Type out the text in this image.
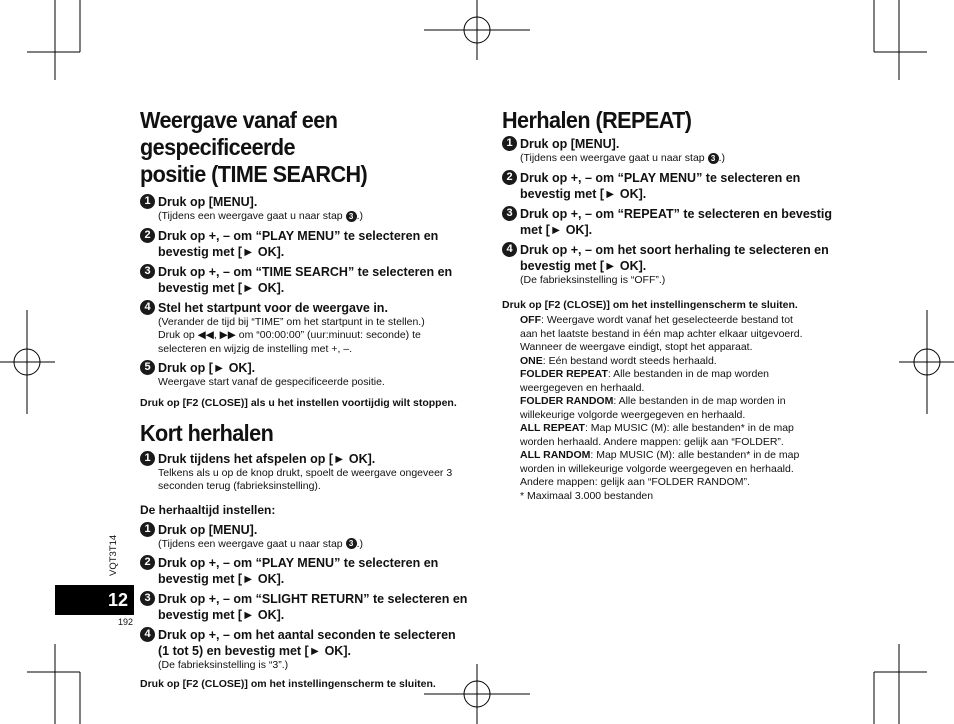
Weergave vanaf een gespecificeerde
positie (TIME SEARCH)
1 Druk op [MENU].
(Tijdens een weergave gaat u naar stap 3 .)
2 Druk op +, – om “PLAY MENU” te selecteren en
bevestig met [► OK].
3 Druk op +, – om “TIME SEARCH” te selecteren en
bevestig met [► OK].
4 Stel het startpunt voor de weergave in.
(Verander de tijd bij “TIME” om het startpunt in te stellen.)
Druk op ◀◀, ▶▶ om “00:00:00” (uur:minuut: seconde) te
selecteren en wijzig de instelling met +, –.
5 Druk op [► OK].
Weergave start vanaf de gespecificeerde positie.
Druk op [F2 (CLOSE)] als u het instellen voortijdig wilt stoppen.
Kort herhalen
1 Druk tijdens het afspelen op [► OK].
Telkens als u op de knop drukt, spoelt de weergave ongeveer 3
seconden terug (fabrieksinstelling).
De herhaaltijd instellen:
1 Druk op [MENU].
(Tijdens een weergave gaat u naar stap 3 .)
2 Druk op +, – om “PLAY MENU” te selecteren en
bevestig met [► OK].
3 Druk op +, – om “SLIGHT RETURN” te selecteren en
bevestig met [► OK].
4 Druk op +, – om het aantal seconden te selecteren
(1 tot 5) en bevestig met [► OK].
(De fabrieksinstelling is “3”.)
Druk op [F2 (CLOSE)] om het instellingenscherm te sluiten.
Herhalen (REPEAT)
1 Druk op [MENU].
(Tijdens een weergave gaat u naar stap 3 .)
2 Druk op +, – om “PLAY MENU” te selecteren en
bevestig met [► OK].
3 Druk op +, – om “REPEAT” te selecteren en bevestig
met [► OK].
4 Druk op +, – om het soort herhaling te selecteren en
bevestig met [► OK].
(De fabrieksinstelling is “OFF”.)
Druk op [F2 (CLOSE)] om het instellingenscherm te sluiten.
OFF: Weergave wordt vanaf het geselecteerde bestand tot
aan het laatste bestand in één map achter elkaar uitgevoerd.
Wanneer de weergave eindigt, stopt het apparaat.
ONE: Eén bestand wordt steeds herhaald.
FOLDER REPEAT: Alle bestanden in de map worden
weergegeven en herhaald.
FOLDER RANDOM: Alle bestanden in de map worden in
willekeurige volgorde weergegeven en herhaald.
ALL REPEAT: Map MUSIC (M): alle bestanden* in de map
worden herhaald. Andere mappen: gelijk aan “FOLDER”.
ALL RANDOM: Map MUSIC (M): alle bestanden* in de map
worden in willekeurige volgorde weergegeven en herhaald.
Andere mappen: gelijk aan “FOLDER RANDOM”.
* Maximaal 3.000 bestanden
12
VQT3T14
192
